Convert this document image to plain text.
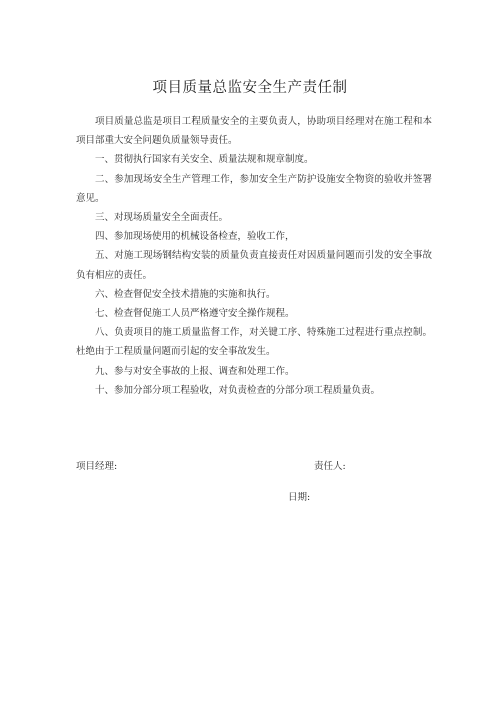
项目质量总监安全生产责任制

项目质量总监是项目工程质量安全的主要负责人，协助项目经理对在施工程和本项目部重大安全问题负质量领导责任。

一、贯彻执行国家有关安全、质量法规和规章制度。

二、参加现场安全生产管理工作，参加安全生产防护设施安全物资的验收并签署意见。

三、对现场质量安全全面责任。

四、参加现场使用的机械设备检查，验收工作，

五、对施工现场钢结构安装的质量负责直接责任对因质量问题而引发的安全事故负有相应的责任。

六、检查督促安全技术措施的实施和执行。

七、检查督促施工人员严格遵守安全操作规程。

八、负责项目的施工质量监督工作，对关键工序、特殊施工过程进行重点控制。杜绝由于工程质量问题而引起的安全事故发生。

九、参与对安全事故的上报、调查和处理工作。

十、参加分部分项工程验收，对负责检查的分部分项工程质量负责。

项目经理:	责任人:
日期:
